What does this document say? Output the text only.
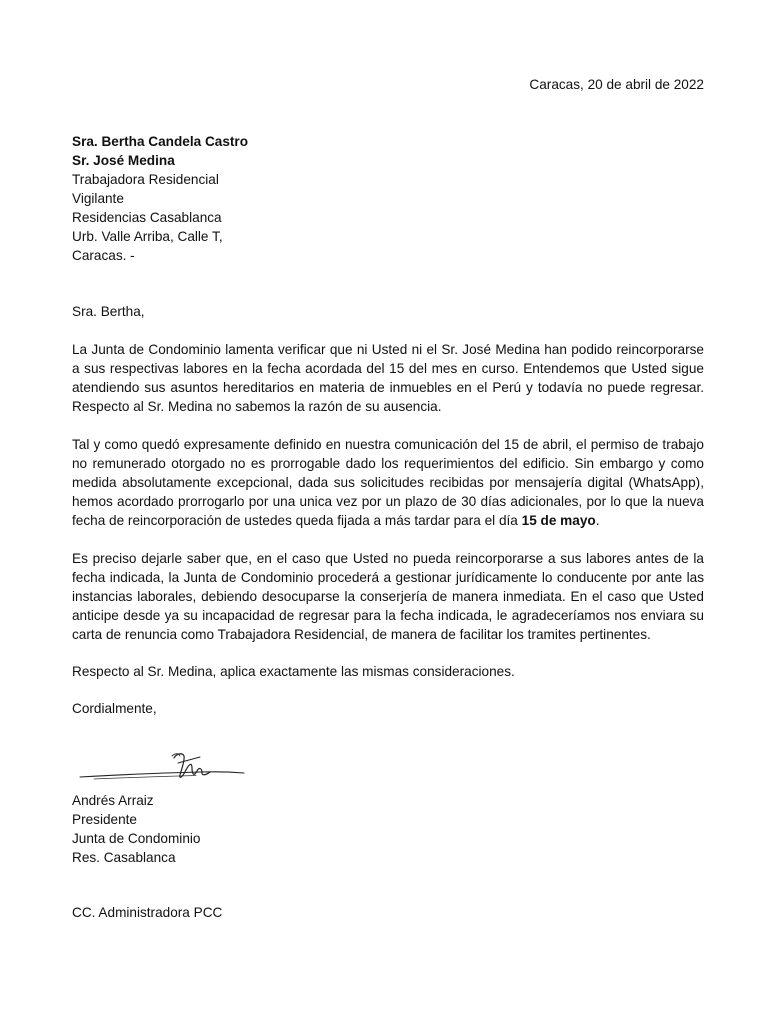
Caracas, 20 de abril de 2022
Sra. Bertha Candela Castro
Sr. José Medina
Trabajadora Residencial
Vigilante
Residencias Casablanca
Urb. Valle Arriba, Calle T,
Caracas. -
Sra. Bertha,

La Junta de Condominio lamenta verificar que ni Usted ni el Sr. José Medina han podido reincorporarse a sus respectivas labores en la fecha acordada del 15 del mes en curso. Entendemos que Usted sigue atendiendo sus asuntos hereditarios en materia de inmuebles en el Perú y todavía no puede regresar. Respecto al Sr. Medina no sabemos la razón de su ausencia.

Tal y como quedó expresamente definido en nuestra comunicación del 15 de abril, el permiso de trabajo no remunerado otorgado no es prorrogable dado los requerimientos del edificio. Sin embargo y como medida absolutamente excepcional, dada sus solicitudes recibidas por mensajería digital (WhatsApp), hemos acordado prorrogarlo por una unica vez por un plazo de 30 días adicionales, por lo que la nueva fecha de reincorporación de ustedes queda fijada a más tardar para el día 15 de mayo.

Es preciso dejarle saber que, en el caso que Usted no pueda reincorporarse a sus labores antes de la fecha indicada, la Junta de Condominio procederá a gestionar jurídicamente lo conducente por ante las instancias laborales, debiendo desocuparse la conserjería de manera inmediata. En el caso que Usted anticipe desde ya su incapacidad de regresar para la fecha indicada, le agradeceríamos nos enviara su carta de renuncia como Trabajadora Residencial, de manera de facilitar los tramites pertinentes.

Respecto al Sr. Medina, aplica exactamente las mismas consideraciones.

Cordialmente,
Andrés Arraiz
Presidente
Junta de Condominio
Res. Casablanca
CC. Administradora PCC
